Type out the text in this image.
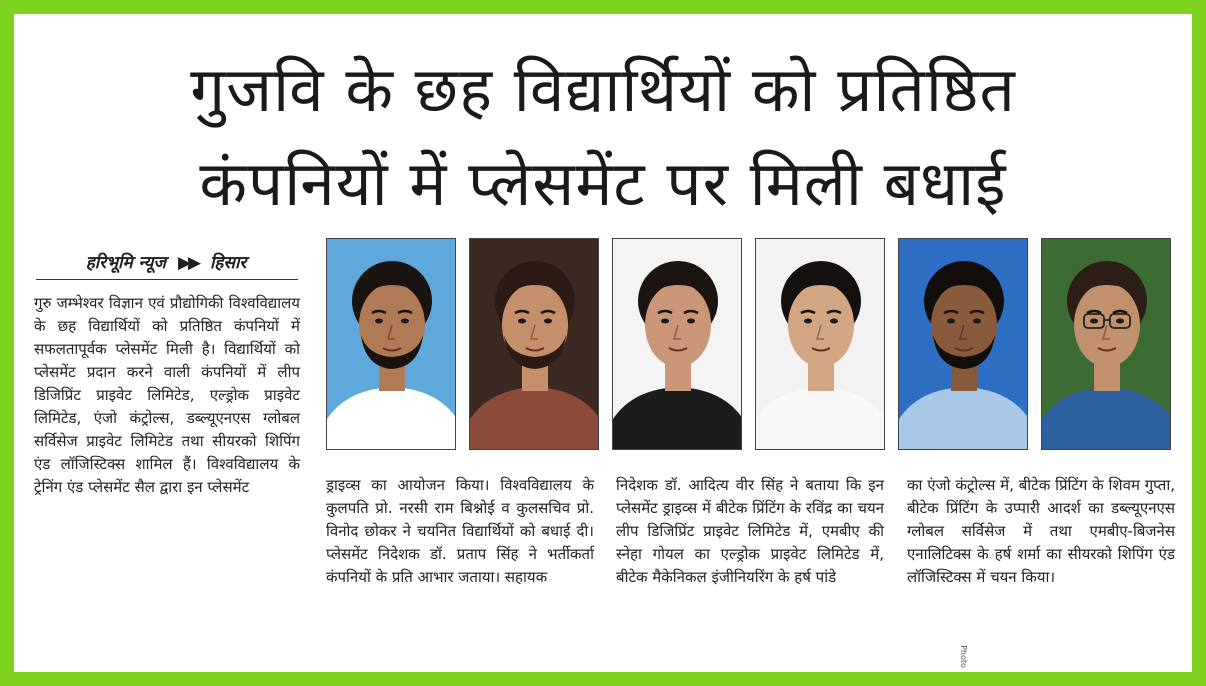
गुजवि के छह विद्यार्थियों को प्रतिष्ठित
कंपनियों में प्लेसमेंट पर मिली बधाई
हरिभूमि न्यूज ▶▶ हिसार
गुरु जम्भेश्वर विज्ञान एवं प्रौद्योगिकी विश्वविद्यालय के छह विद्यार्थियों को प्रतिष्ठित कंपनियों में सफलतापूर्वक प्लेसमेंट मिली है। विद्यार्थियों को प्लेसमेंट प्रदान करने वाली कंपनियों में लीप डिजिप्रिंट प्राइवेट लिमिटेड, एल्ड्रोक प्राइवेट लिमिटेड, एंजो कंट्रोल्स, डब्ल्यूएनएस ग्लोबल सर्विसेज प्राइवेट लिमिटेड तथा सीयरको शिपिंग एंड लॉजिस्टिक्स शामिल हैं। विश्वविद्यालय के ट्रेनिंग एंड प्लेसमेंट सैल द्वारा इन प्लेसमेंट	ड्राइव्स का आयोजन किया। विश्वविद्यालय के कुलपति प्रो. नरसी राम बिश्नोई व कुलसचिव प्रो. विनोद छोकर ने चयनित विद्यार्थियों को बधाई दी। प्लेसमेंट निदेशक डॉ. प्रताप सिंह ने भर्तीकर्ता कंपनियों के प्रति आभार जताया। सहायक
निदेशक डॉ. आदित्य वीर सिंह ने बताया कि इन प्लेसमेंट ड्राइव्स में बीटेक प्रिंटिंग के रविंद्र का चयन लीप डिजिप्रिंट प्राइवेट लिमिटेड में, एमबीए की स्नेहा गोयल का एल्ड्रोक प्राइवेट लिमिटेड में, बीटेक मैकेनिकल इंजीनियरिंग के हर्ष पांडे
का एंजो कंट्रोल्स में, बीटेक प्रिंटिंग के शिवम गुप्ता, बीटेक प्रिंटिंग के उप्पारी आदर्श का डब्ल्यूएनएस ग्लोबल सर्विसेज में तथा एमबीए-बिजनेस एनालिटिक्स के हर्ष शर्मा का सीयरको शिपिंग एंड लॉजिस्टिक्स में चयन किया।
Photo
